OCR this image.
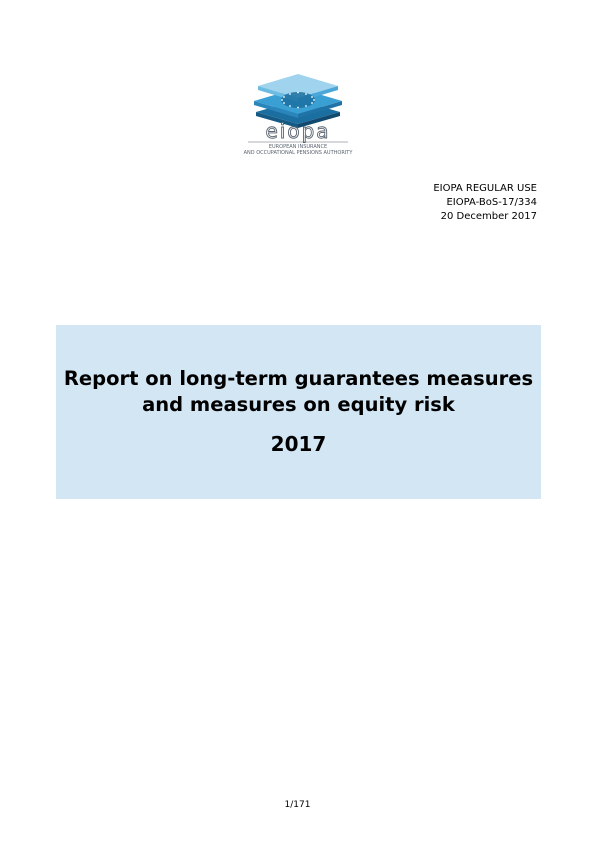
eiopa
EUROPEAN INSURANCE
AND OCCUPATIONAL PENSIONS AUTHORITY
EIOPA REGULAR USE
EIOPA-BoS-17/334
20 December 2017
Report on long-term guarantees measures
and measures on equity risk
2017
1/171
